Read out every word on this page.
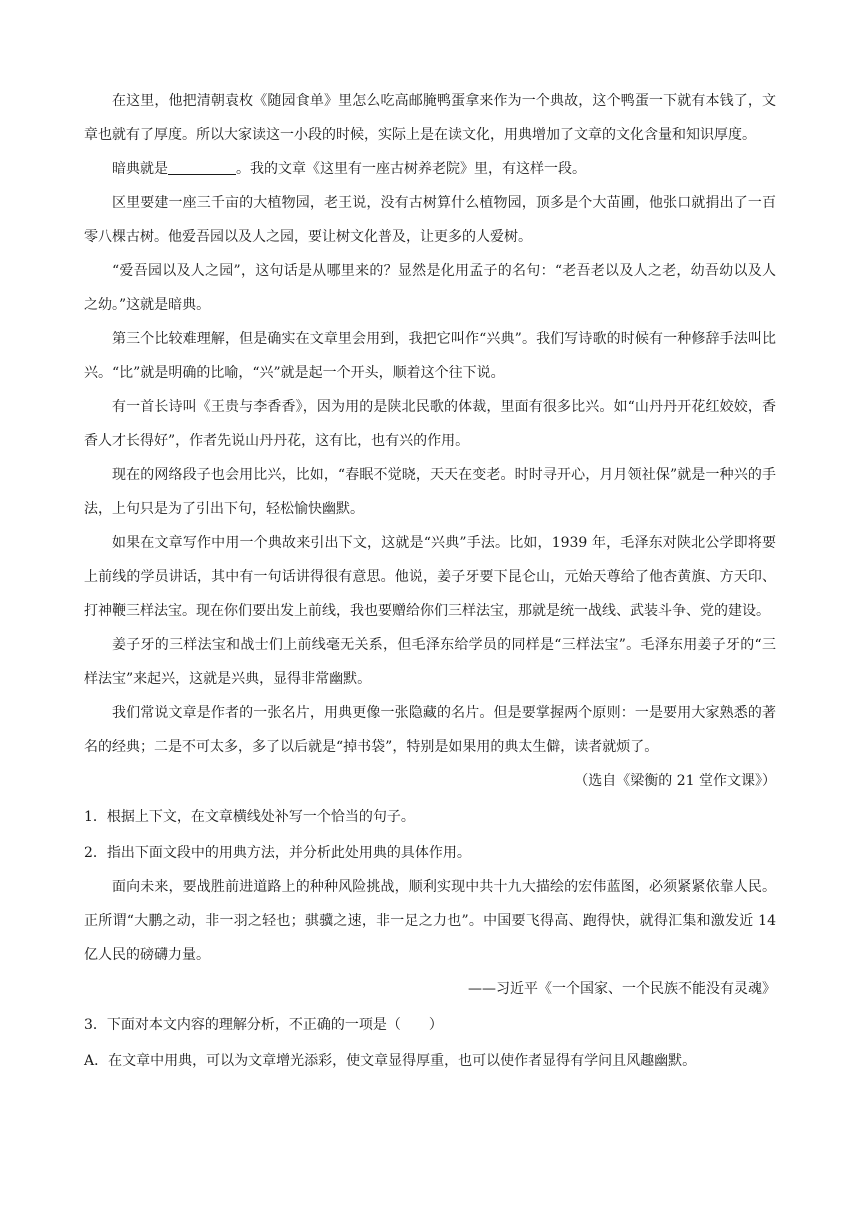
在这里，他把清朝袁枚《随园食单》里怎么吃高邮腌鸭蛋拿来作为一个典故，这个鸭蛋一下就有本钱了，文章也就有了厚度。所以大家读这一小段的时候，实际上是在读文化，用典增加了文章的文化含量和知识厚度。

暗典就是	。我的文章《这里有一座古树养老院》里，有这样一段。

区里要建一座三千亩的大植物园，老王说，没有古树算什么植物园，顶多是个大苗圃，他张口就捐出了一百零八棵古树。他爱吾园以及人之园，要让树文化普及，让更多的人爱树。

“爱吾园以及人之园”，这句话是从哪里来的？显然是化用孟子的名句：“老吾老以及人之老，幼吾幼以及人之幼。”这就是暗典。

第三个比较难理解，但是确实在文章里会用到，我把它叫作“兴典”。我们写诗歌的时候有一种修辞手法叫比兴。“比”就是明确的比喻，“兴”就是起一个开头，顺着这个往下说。

有一首长诗叫《王贵与李香香》，因为用的是陕北民歌的体裁，里面有很多比兴。如“山丹丹开花红姣姣，香香人才长得好”，作者先说山丹丹花，这有比，也有兴的作用。

现在的网络段子也会用比兴，比如，“春眠不觉晓，天天在变老。时时寻开心，月月领社保”就是一种兴的手法，上句只是为了引出下句，轻松愉快幽默。

如果在文章写作中用一个典故来引出下文，这就是“兴典”手法。比如，1939 年，毛泽东对陕北公学即将要上前线的学员讲话，其中有一句话讲得很有意思。他说，姜子牙要下昆仑山，元始天尊给了他杏黄旗、方天印、打神鞭三样法宝。现在你们要出发上前线，我也要赠给你们三样法宝，那就是统一战线、武装斗争、党的建设。

姜子牙的三样法宝和战士们上前线毫无关系，但毛泽东给学员的同样是“三样法宝”。毛泽东用姜子牙的“三样法宝”来起兴，这就是兴典，显得非常幽默。

我们常说文章是作者的一张名片，用典更像一张隐藏的名片。但是要掌握两个原则：一是要用大家熟悉的著名的经典；二是不可太多，多了以后就是“掉书袋”，特别是如果用的典太生僻，读者就烦了。

（选自《梁衡的 21 堂作文课》）

1．根据上下文，在文章横线处补写一个恰当的句子。

2．指出下面文段中的用典方法，并分析此处用典的具体作用。

面向未来，要战胜前进道路上的种种风险挑战，顺利实现中共十九大描绘的宏伟蓝图，必须紧紧依靠人民。正所谓“大鹏之动，非一羽之轻也；骐骥之速，非一足之力也”。中国要飞得高、跑得快，就得汇集和激发近 14 亿人民的磅礴力量。

——习近平《一个国家、一个民族不能没有灵魂》

3．下面对本文内容的理解分析，不正确的一项是（　　）

A．在文章中用典，可以为文章增光添彩，使文章显得厚重，也可以使作者显得有学问且风趣幽默。
